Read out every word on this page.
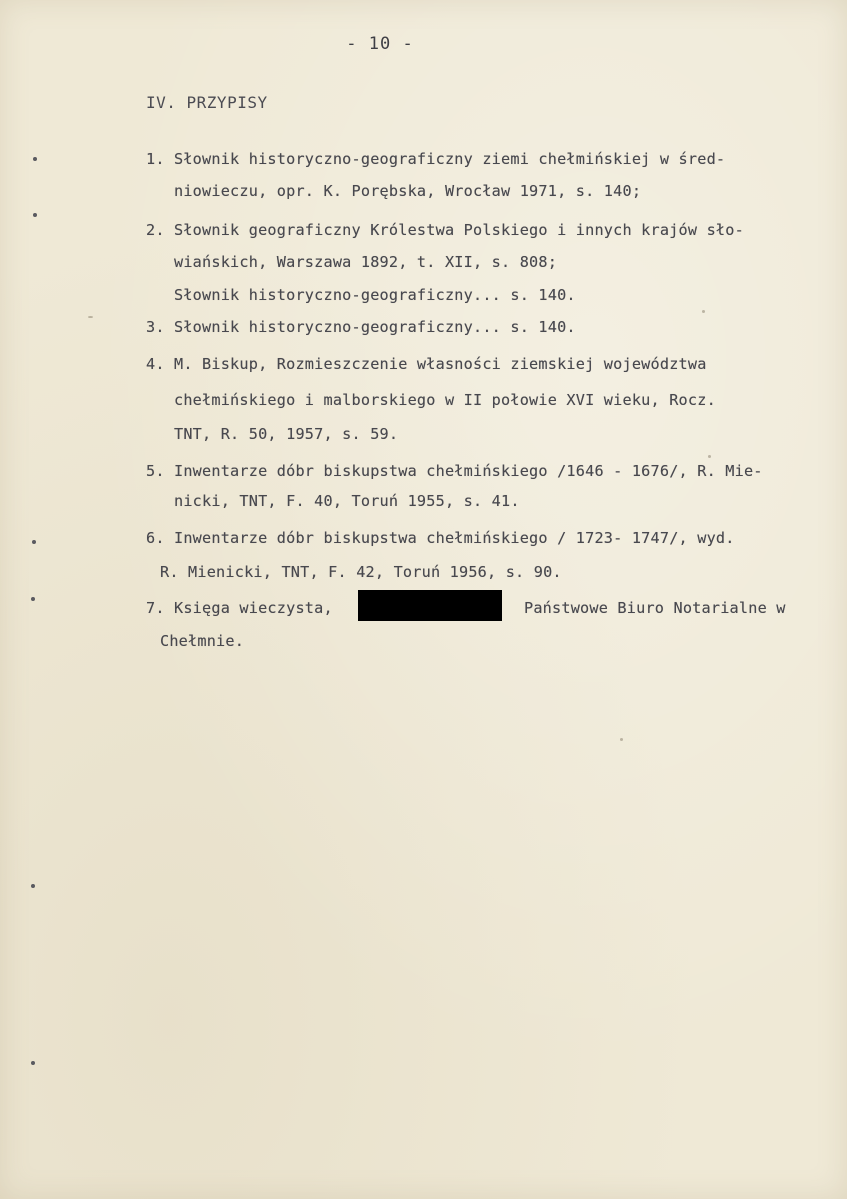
- 10 -
IV. PRZYPISY
1. Słownik historyczno-geograficzny ziemi chełmińskiej w śred-
niowieczu, opr. K. Porębska, Wrocław 1971, s. 140;
2. Słownik geograficzny Królestwa Polskiego i innych krajów sło-
wiańskich, Warszawa 1892, t. XII, s. 808;
Słownik historyczno-geograficzny... s. 140.
3. Słownik historyczno-geograficzny... s. 140.
4. M. Biskup, Rozmieszczenie własności ziemskiej województwa
chełmińskiego i malborskiego w II połowie XVI wieku, Rocz.
TNT, R. 50, 1957, s. 59.
5. Inwentarze dóbr biskupstwa chełmińskiego /1646 - 1676/, R. Mie-
nicki, TNT, F. 40, Toruń 1955, s. 41.
6. Inwentarze dóbr biskupstwa chełmińskiego / 1723- 1747/, wyd.
R. Mienicki, TNT, F. 42, Toruń 1956, s. 90.
7. Księga wieczysta,	Państwowe Biuro Notarialne w
Chełmnie.
